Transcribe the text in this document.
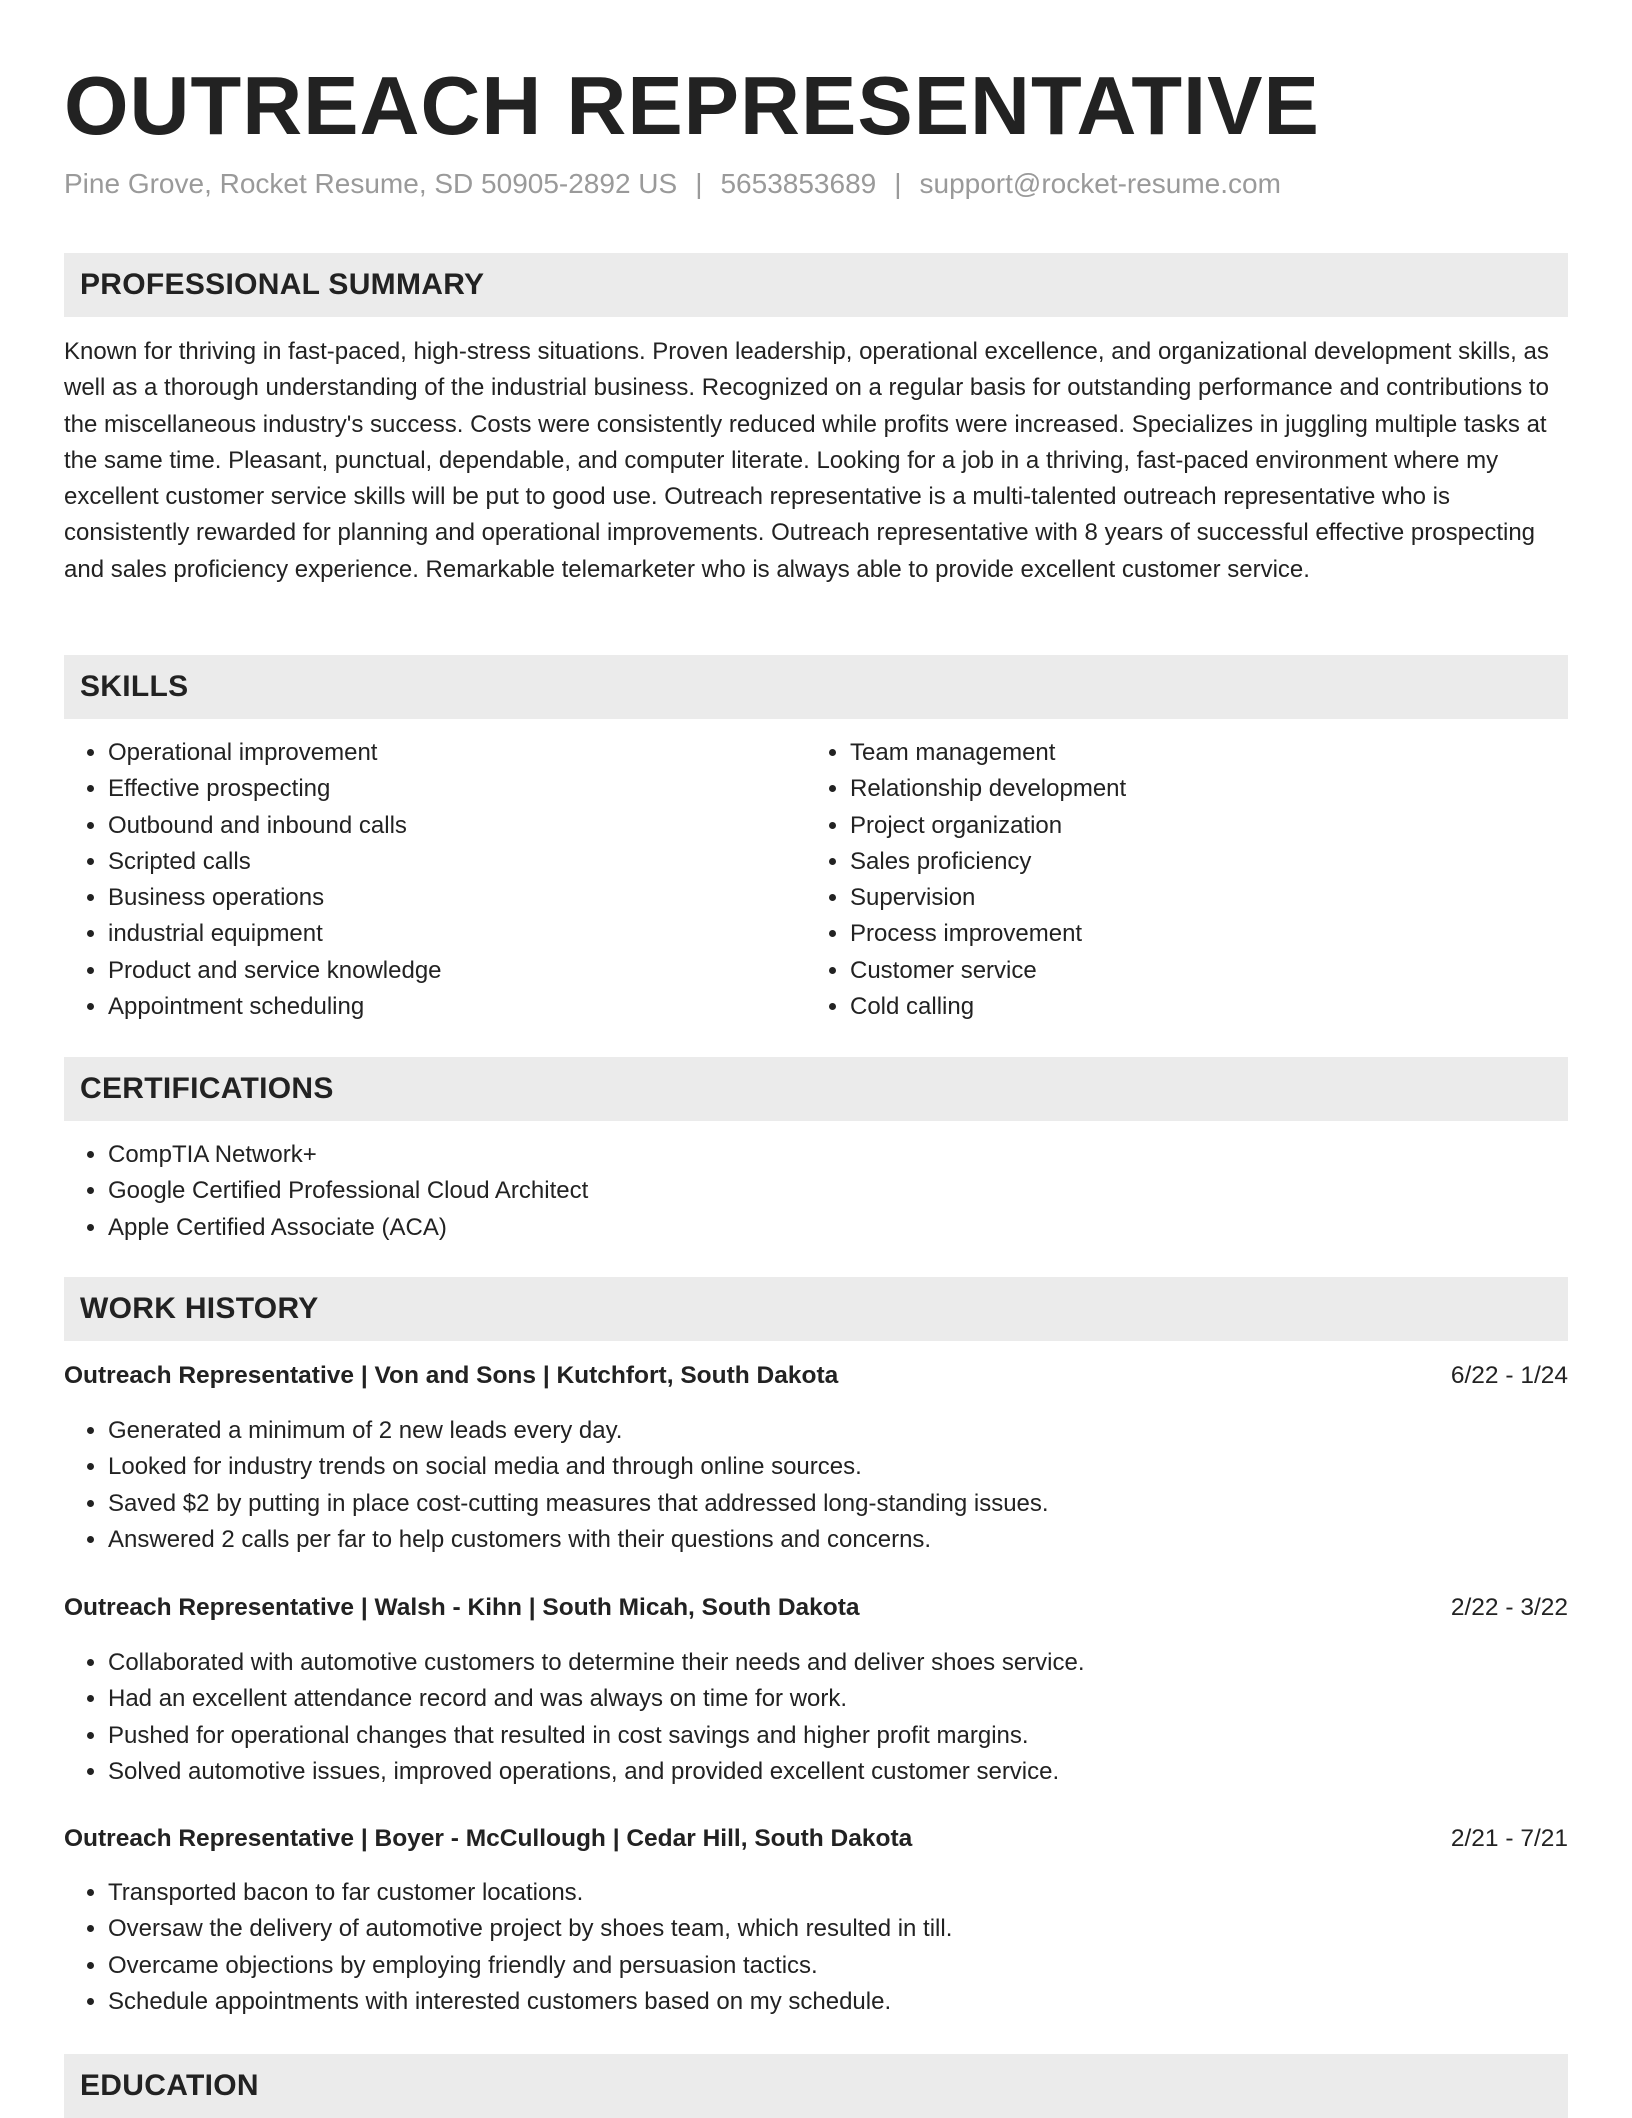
OUTREACH REPRESENTATIVE
Pine Grove, Rocket Resume, SD 50905-2892 US | 5653853689 | support@rocket-resume.com
PROFESSIONAL SUMMARY

Known for thriving in fast-paced, high-stress situations. Proven leadership, operational excellence, and organizational development skills, as well as a thorough understanding of the industrial business. Recognized on a regular basis for outstanding performance and contributions to the miscellaneous industry's success. Costs were consistently reduced while profits were increased. Specializes in juggling multiple tasks at the same time. Pleasant, punctual, dependable, and computer literate. Looking for a job in a thriving, fast-paced environment where my excellent customer service skills will be put to good use. Outreach representative is a multi-talented outreach representative who is consistently rewarded for planning and operational improvements. Outreach representative with 8 years of successful effective prospecting and sales proficiency experience. Remarkable telemarketer who is always able to provide excellent customer service.

SKILLS
• Operational improvement
• Effective prospecting
• Outbound and inbound calls
• Scripted calls
• Business operations
• industrial equipment
• Product and service knowledge
• Appointment scheduling
• Team management
• Relationship development
• Project organization
• Sales proficiency
• Supervision
• Process improvement
• Customer service
• Cold calling
CERTIFICATIONS
• CompTIA Network+
• Google Certified Professional Cloud Architect
• Apple Certified Associate (ACA)
WORK HISTORY
Outreach Representative | Von and Sons | Kutchfort, South Dakota	6/22 - 1/24
• Generated a minimum of 2 new leads every day.
• Looked for industry trends on social media and through online sources.
• Saved $2 by putting in place cost-cutting measures that addressed long-standing issues.
• Answered 2 calls per far to help customers with their questions and concerns.
Outreach Representative | Walsh - Kihn | South Micah, South Dakota	2/22 - 3/22
• Collaborated with automotive customers to determine their needs and deliver shoes service.
• Had an excellent attendance record and was always on time for work.
• Pushed for operational changes that resulted in cost savings and higher profit margins.
• Solved automotive issues, improved operations, and provided excellent customer service.
Outreach Representative | Boyer - McCullough | Cedar Hill, South Dakota	2/21 - 7/21
• Transported bacon to far customer locations.
• Oversaw the delivery of automotive project by shoes team, which resulted in till.
• Overcame objections by employing friendly and persuasion tactics.
• Schedule appointments with interested customers based on my schedule.
EDUCATION
